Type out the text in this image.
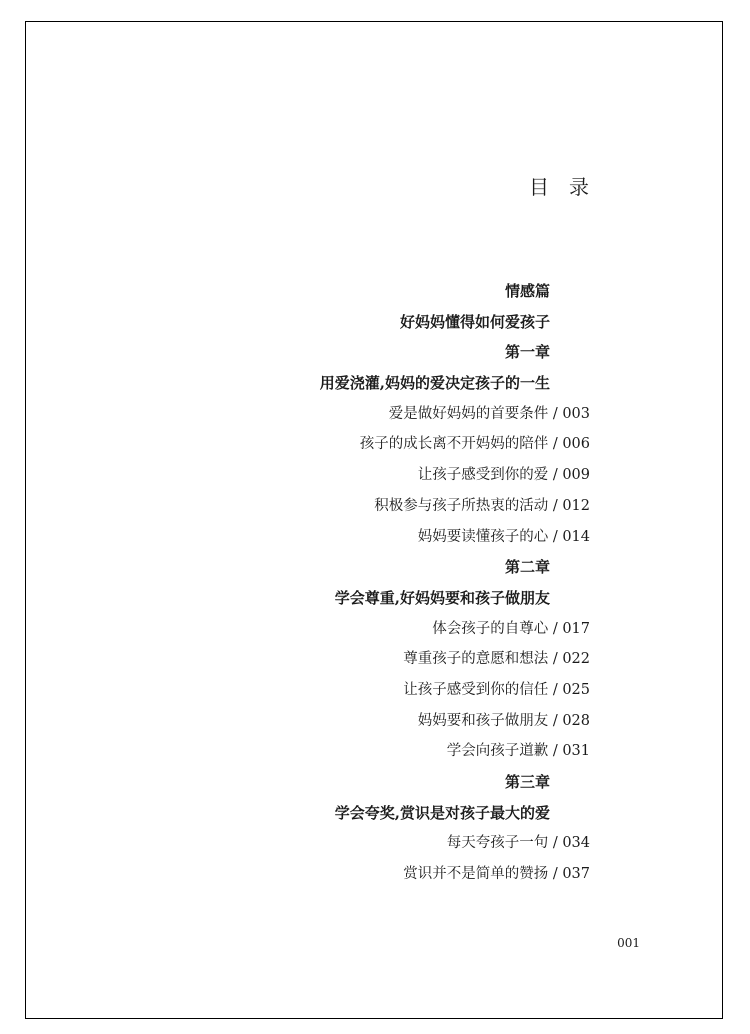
目录
情感篇
好妈妈懂得如何爱孩子
第一章
用爱浇灌,妈妈的爱决定孩子的一生
爱是做好妈妈的首要条件 / 003
孩子的成长离不开妈妈的陪伴 / 006
让孩子感受到你的爱 / 009
积极参与孩子所热衷的活动 / 012
妈妈要读懂孩子的心 / 014
第二章
学会尊重,好妈妈要和孩子做朋友
体会孩子的自尊心 / 017
尊重孩子的意愿和想法 / 022
让孩子感受到你的信任 / 025
妈妈要和孩子做朋友 / 028
学会向孩子道歉 / 031
第三章
学会夸奖,赏识是对孩子最大的爱
每天夸孩子一句 / 034
赏识并不是简单的赞扬 / 037
001
